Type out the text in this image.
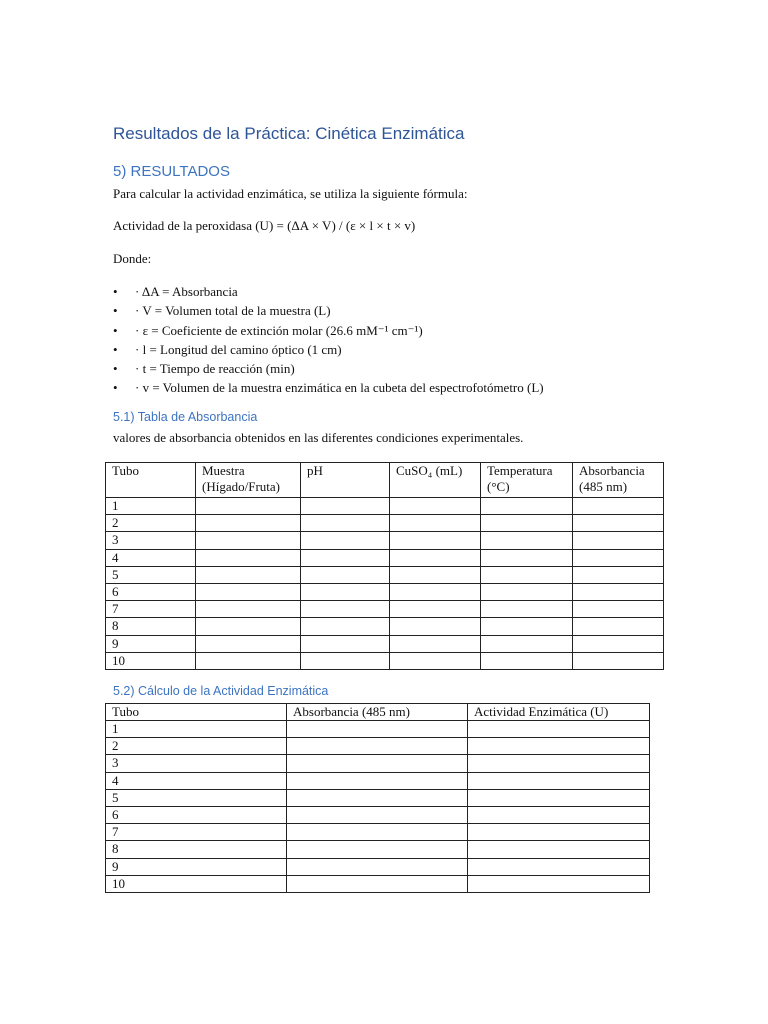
Resultados de la Práctica: Cinética Enzimática
5) RESULTADOS
Para calcular la actividad enzimática, se utiliza la siguiente fórmula:
Actividad de la peroxidasa (U) = (ΔA × V) / (ε × l × t × v)
Donde:
• · ΔA = Absorbancia
• · V = Volumen total de la muestra (L)
• · ε = Coeficiente de extinción molar (26.6 mM⁻¹ cm⁻¹)
• · l = Longitud del camino óptico (1 cm)
• · t = Tiempo de reacción (min)
• · v = Volumen de la muestra enzimática en la cubeta del espectrofotómetro (L)
5.1) Tabla de Absorbancia
valores de absorbancia obtenidos en las diferentes condiciones experimentales.
Tubo	Muestra (Hígado/Fruta)	pH	CuSO₄ (mL)	Temperatura (°C)	Absorbancia (485 nm)
1					
2					
3					
4					
5					
6					
7					
8					
9					
10					
5.2) Cálculo de la Actividad Enzimática
Tubo	Absorbancia (485 nm)	Actividad Enzimática (U)
1		
2		
3		
4		
5		
6		
7		
8		
9		
10		
